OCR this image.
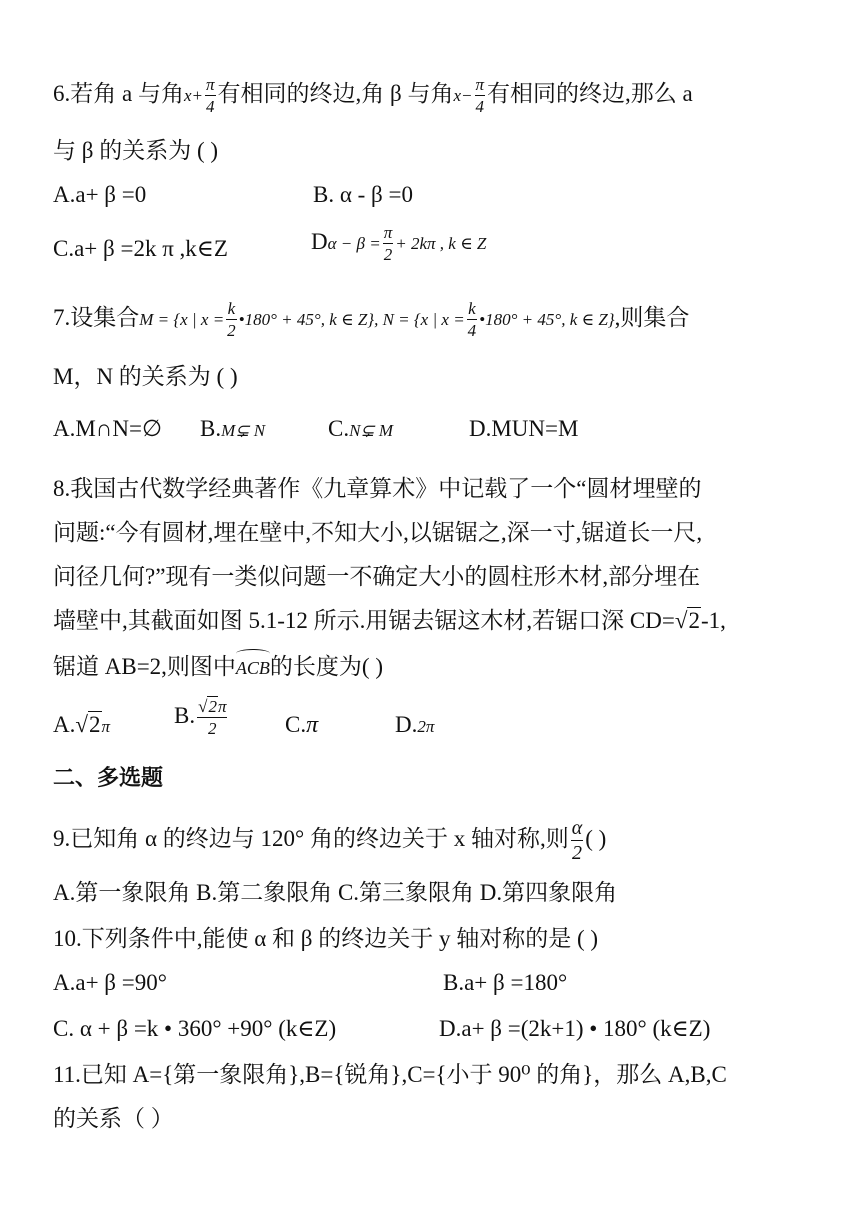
6.若角 a 与角$x+ \frac{\pi}{4}$ 有相同的终边,角 β 与角$x- \frac{\pi}{4}$ 有相同的终边,那么 a
与 β 的关系为 ( )
A.a+ β =0	B. α - β =0
C.a+ β =2k π ,k∈Z	$D\alpha - \beta = \frac{\pi}{2} + 2k\pi$ , k ∈ Z
7.设集合M = {x | $x = \frac{k}{2}$ •180° + 45°, k ∈ Z}, N = {x | $x = \frac{k}{4}$ •180° + 45°, k ∈ Z},则集合
M，N 的关系为 ( )
A.M∩N=∅ B.M⊊ N	C.N⊊ M	D.MUN=M
8.我国古代数学经典著作《九章算术》中记载了一个“圆材埋壁的
问题:“今有圆材,埋在壁中,不知大小,以锯锯之,深一寸,锯道长一尺,
问径几何?”现有一类似问题一不确定大小的圆柱形木材,部分埋在
墙壁中,其截面如图 5.1-12 所示.用锯去锯这木材,若锯口深 CD=√2-1,
锯道 AB=2,则图中ACB的长度为( )
A.√2π	B. $\frac{√2\pi}{2}$	C.π	D.2π
二、多选题
9.已知角 α 的终边与 120° 角的终边关于 x 轴对称,则 $\frac{\alpha}{2}$ ( )
A.第一象限角 B.第二象限角 C.第三象限角 D.第四象限角
10.下列条件中,能使 α 和 β 的终边关于 y 轴对称的是 ( )
A.a+ β =90°	B.a+ β =180°
C. α + β =k • 360° +90° (k∈Z)	D.a+ β =(2k+1) • 180° (k∈Z)
11.已知 A={第一象限角},B={锐角},C={小于 90⁰ 的角}，那么 A,B,C
的关系（ ）
